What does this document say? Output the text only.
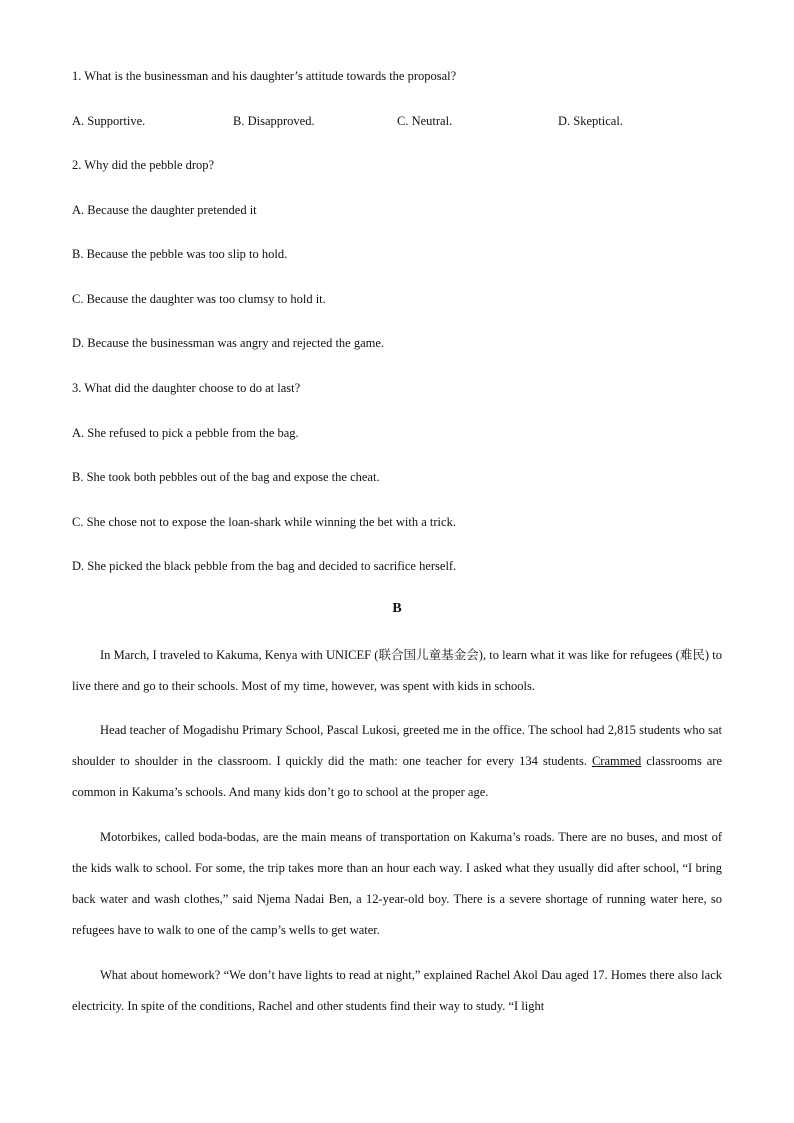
1. What is the businessman and his daughter’s attitude towards the proposal?
A. Supportive.	B. Disapproved.	C. Neutral.	D. Skeptical.
2. Why did the pebble drop?
A. Because the daughter pretended it
B. Because the pebble was too slip to hold.
C. Because the daughter was too clumsy to hold it.
D. Because the businessman was angry and rejected the game.
3. What did the daughter choose to do at last?
A. She refused to pick a pebble from the bag.
B. She took both pebbles out of the bag and expose the cheat.
C. She chose not to expose the loan-shark while winning the bet with a trick.
D. She picked the black pebble from the bag and decided to sacrifice herself.
B
In March, I traveled to Kakuma, Kenya with UNICEF (联合国儿童基金会), to learn what it was like for refugees (难民) to live there and go to their schools. Most of my time, however, was spent with kids in schools.
Head teacher of Mogadishu Primary School, Pascal Lukosi, greeted me in the office. The school had 2,815 students who sat shoulder to shoulder in the classroom. I quickly did the math: one teacher for every 134 students. Crammed classrooms are common in Kakuma’s schools. And many kids don’t go to school at the proper age.
Motorbikes, called boda-bodas, are the main means of transportation on Kakuma’s roads. There are no buses, and most of the kids walk to school. For some, the trip takes more than an hour each way. I asked what they usually did after school, “I bring back water and wash clothes,” said Njema Nadai Ben, a 12-year-old boy. There is a severe shortage of running water here, so refugees have to walk to one of the camp’s wells to get water.
What about homework? “We don’t have lights to read at night,” explained Rachel Akol Dau aged 17. Homes there also lack electricity. In spite of the conditions, Rachel and other students find their way to study. “I light
